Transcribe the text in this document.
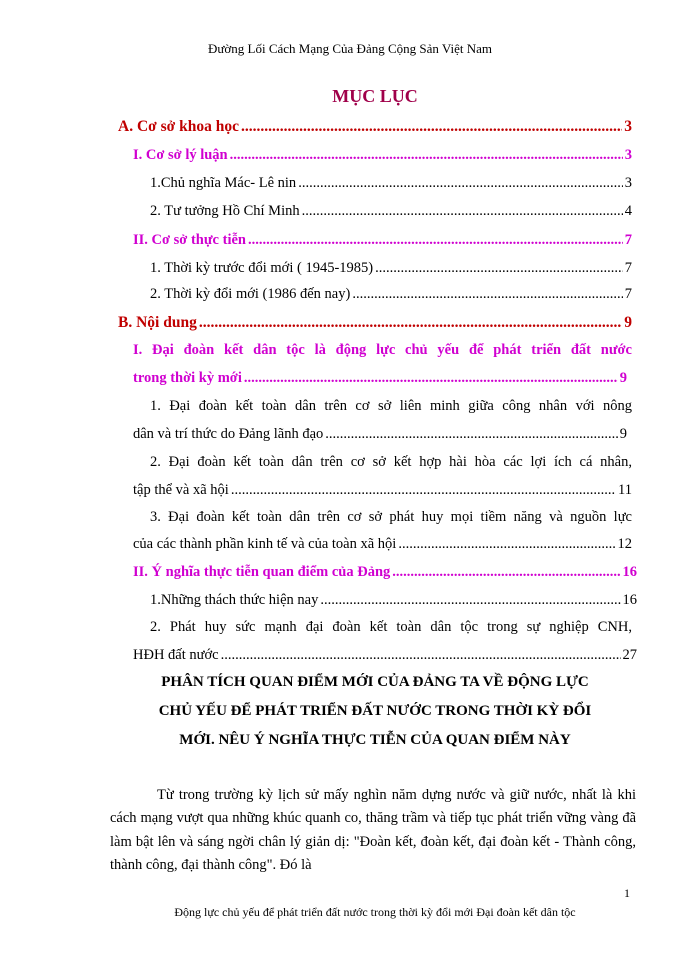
Đường Lối Cách Mạng Của Đảng Cộng Sản Việt Nam
MỤC LỤC
A. Cơ sở khoa học .....	3
I. Cơ sở lý luận .....	3
1.Chủ nghĩa Mác- Lê nin .....	3
2. Tư tưởng Hồ Chí Minh .....	4
II. Cơ sở thực tiễn .....	7
1. Thời kỳ trước đổi mới ( 1945-1985) .....	7
2. Thời kỳ đổi mới (1986 đến nay) .....	7
B. Nội dung .....	9
I. Đại đoàn kết dân tộc là động lực chủ yếu để phát triển đất nước
trong thời kỳ mới .....	9
1. Đại đoàn kết toàn dân trên cơ sở liên minh giữa công nhân với nông
dân và trí thức do Đảng lãnh đạo .....	9
2. Đại đoàn kết toàn dân trên cơ sở kết hợp hài hòa các lợi ích cá nhân,
tập thể và xã hội .....	11
3. Đại đoàn kết toàn dân trên cơ sở phát huy mọi tiềm năng và nguồn lực
của các thành phần kinh tế và của toàn xã hội .....	12
II. Ý nghĩa thực tiễn quan điểm của Đảng .....	16
1.Những thách thức hiện nay .....	16
2. Phát huy sức mạnh đại đoàn kết toàn dân tộc trong sự nghiệp CNH,
HĐH đất nước .....	27
PHÂN TÍCH QUAN ĐIỂM MỚI CỦA ĐẢNG TA VỀ ĐỘNG LỰC
CHỦ YẾU ĐỂ PHÁT TRIỂN ĐẤT NƯỚC TRONG THỜI KỲ ĐỔI
MỚI. NÊU Ý NGHĨA THỰC TIỄN CỦA QUAN ĐIỂM NÀY

Từ trong trường kỳ lịch sử mấy nghìn năm dựng nước và giữ nước, nhất là khi cách mạng vượt qua những khúc quanh co, thăng trầm và tiếp tục phát triển vững vàng đã làm bật lên và sáng ngời chân lý giản dị: "Đoàn kết, đoàn kết, đại đoàn kết - Thành công, thành công, đại thành công". Đó là

1
Động lực chủ yếu để phát triển đất nước trong thời kỳ đổi mới Đại đoàn kết dân tộc
